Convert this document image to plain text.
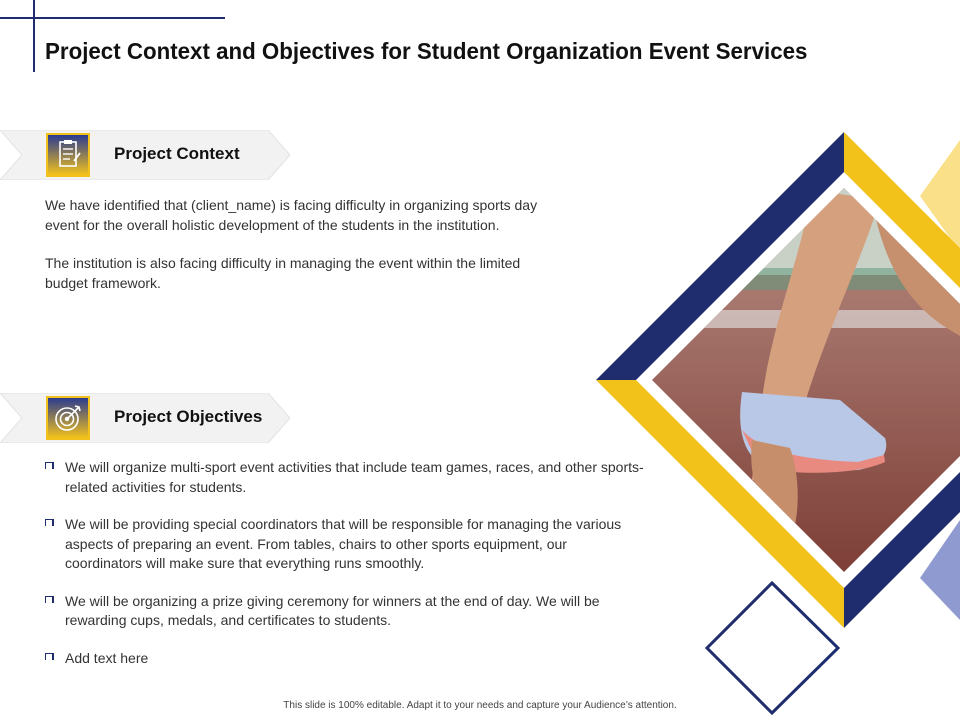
Project Context and Objectives for Student Organization Event Services
Project Context

We have identified that (client_name) is facing difficulty in organizing sports day event for the overall holistic development of the students in the institution.

The institution is also facing difficulty in managing the event within the limited budget framework.

Project Objectives
We will organize multi-sport event activities that include team games, races, and other sports-related activities for students.
We will be providing special coordinators that will be responsible for managing the various aspects of preparing an event. From tables, chairs to other sports equipment, our coordinators will make sure that everything runs smoothly.
We will be organizing a prize giving ceremony for winners at the end of day. We will be rewarding cups, medals, and certificates to students.
Add text here
This slide is 100% editable. Adapt it to your needs and capture your Audience’s attention.
